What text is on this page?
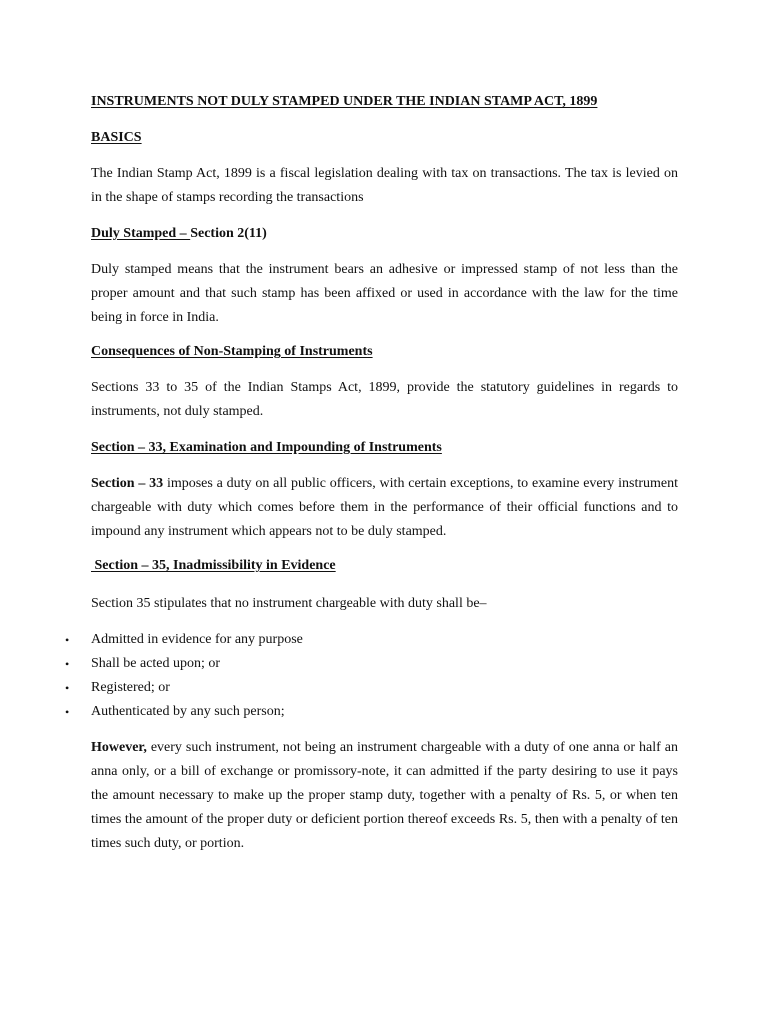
INSTRUMENTS NOT DULY STAMPED UNDER THE INDIAN STAMP ACT, 1899

BASICS

The Indian Stamp Act, 1899 is a fiscal legislation dealing with tax on transactions. The tax is levied on in the shape of stamps recording the transactions

Duly Stamped – Section 2(11)

Duly stamped means that the instrument bears an adhesive or impressed stamp of not less than the proper amount and that such stamp has been affixed or used in accordance with the law for the time being in force in India.

Consequences of Non-Stamping of Instruments

Sections 33 to 35 of the Indian Stamps Act, 1899, provide the statutory guidelines in regards to instruments, not duly stamped.

Section – 33, Examination and Impounding of Instruments

Section – 33 imposes a duty on all public officers, with certain exceptions, to examine every instrument chargeable with duty which comes before them in the performance of their official functions and to impound any instrument which appears not to be duly stamped.

Section – 35, Inadmissibility in Evidence

Section 35 stipulates that no instrument chargeable with duty shall be–

• Admitted in evidence for any purpose
• Shall be acted upon; or
• Registered; or
• Authenticated by any such person;

However, every such instrument, not being an instrument chargeable with a duty of one anna or half an anna only, or a bill of exchange or promissory-note, it can admitted if the party desiring to use it pays the amount necessary to make up the proper stamp duty, together with a penalty of Rs. 5, or when ten times the amount of the proper duty or deficient portion thereof exceeds Rs. 5, then with a penalty of ten times such duty, or portion.
